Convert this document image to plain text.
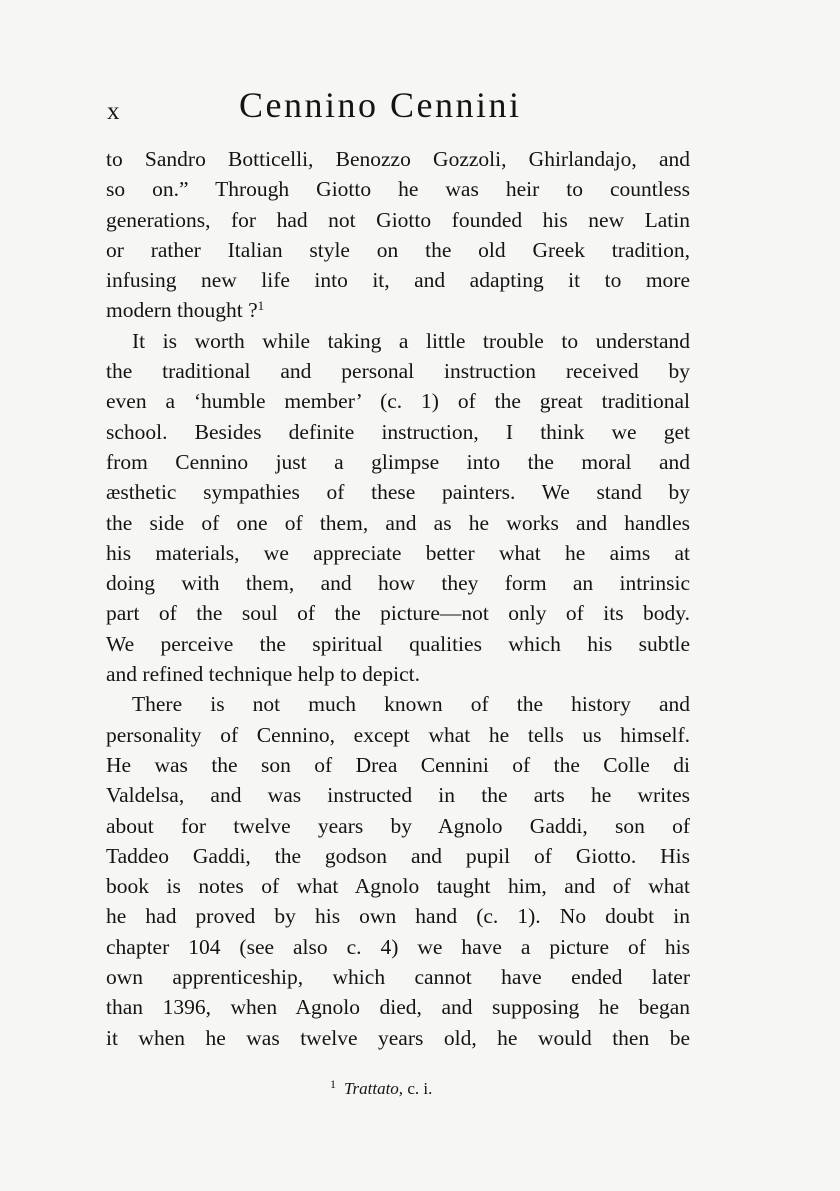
x	Cennino Cennini
to Sandro Botticelli, Benozzo Gozzoli, Ghirlandajo, and
so on.” Through Giotto he was heir to countless
generations, for had not Giotto founded his new Latin
or rather Italian style on the old Greek tradition,
infusing new life into it, and adapting it to more
modern thought ?$^1$
It is worth while taking a little trouble to understand
the traditional and personal instruction received by
even a ‘humble member’ (c. 1) of the great traditional
school. Besides definite instruction, I think we get
from Cennino just a glimpse into the moral and
æsthetic sympathies of these painters. We stand by
the side of one of them, and as he works and handles
his materials, we appreciate better what he aims at
doing with them, and how they form an intrinsic
part of the soul of the picture—not only of its body.
We perceive the spiritual qualities which his subtle
and refined technique help to depict.
There is not much known of the history and
personality of Cennino, except what he tells us himself.
He was the son of Drea Cennini of the Colle di
Valdelsa, and was instructed in the arts he writes
about for twelve years by Agnolo Gaddi, son of
Taddeo Gaddi, the godson and pupil of Giotto. His
book is notes of what Agnolo taught him, and of what
he had proved by his own hand (c. 1). No doubt in
chapter 104 (see also c. 4) we have a picture of his
own apprenticeship, which cannot have ended later
than 1396, when Agnolo died, and supposing he began
it when he was twelve years old, he would then be
$^1$ Trattato, c. i.
